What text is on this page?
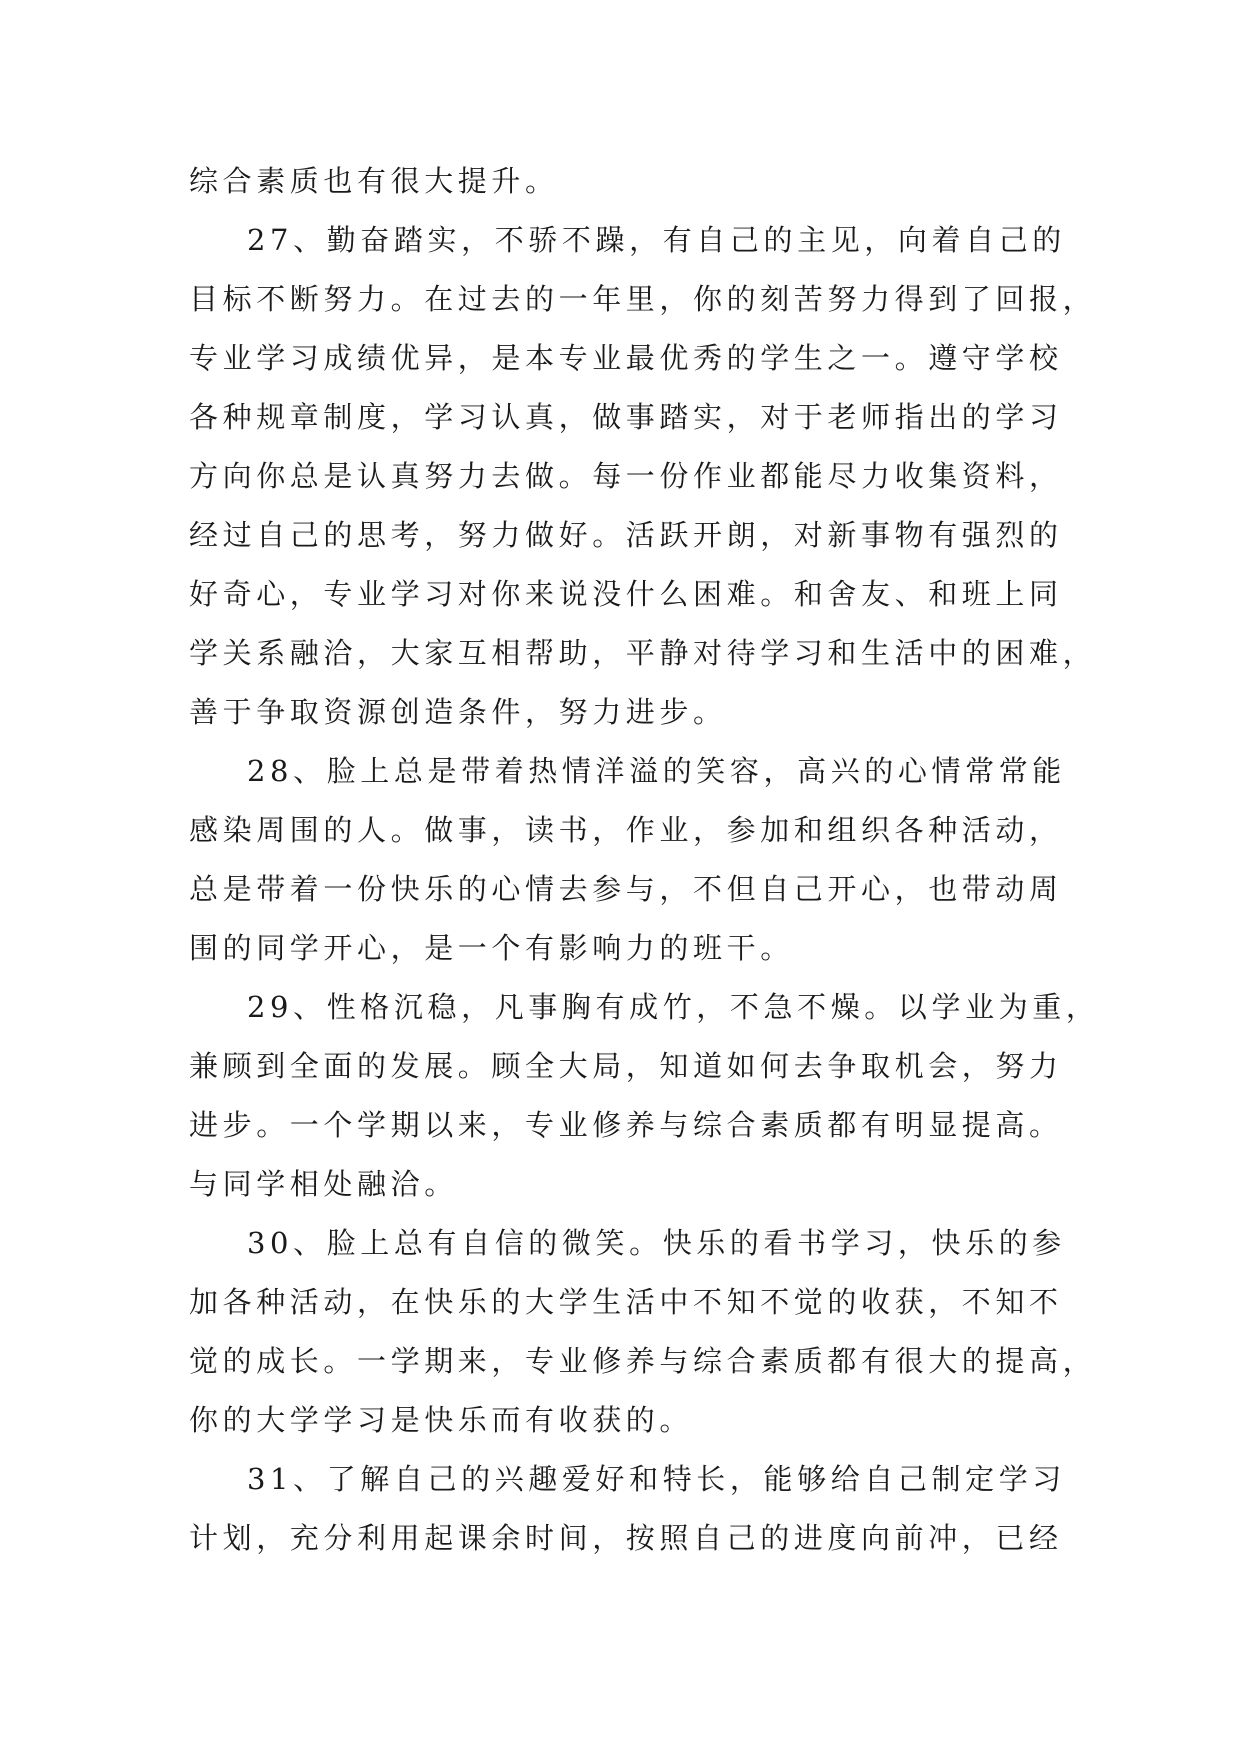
综合素质也有很大提升。
27、勤奋踏实，不骄不躁，有自己的主见，向着自己的
目标不断努力。在过去的一年里，你的刻苦努力得到了回报，
专业学习成绩优异，是本专业最优秀的学生之一。遵守学校
各种规章制度，学习认真，做事踏实，对于老师指出的学习
方向你总是认真努力去做。每一份作业都能尽力收集资料，
经过自己的思考，努力做好。活跃开朗，对新事物有强烈的
好奇心，专业学习对你来说没什么困难。和舍友、和班上同
学关系融洽，大家互相帮助，平静对待学习和生活中的困难，
善于争取资源创造条件，努力进步。
28、脸上总是带着热情洋溢的笑容，高兴的心情常常能
感染周围的人。做事，读书，作业，参加和组织各种活动，
总是带着一份快乐的心情去参与，不但自己开心，也带动周
围的同学开心，是一个有影响力的班干。
29、性格沉稳，凡事胸有成竹，不急不燥。以学业为重，
兼顾到全面的发展。顾全大局，知道如何去争取机会，努力
进步。一个学期以来，专业修养与综合素质都有明显提高。
与同学相处融洽。
30、脸上总有自信的微笑。快乐的看书学习，快乐的参
加各种活动，在快乐的大学生活中不知不觉的收获，不知不
觉的成长。一学期来，专业修养与综合素质都有很大的提高，
你的大学学习是快乐而有收获的。
31、了解自己的兴趣爱好和特长，能够给自己制定学习
计划，充分利用起课余时间，按照自己的进度向前冲，已经
